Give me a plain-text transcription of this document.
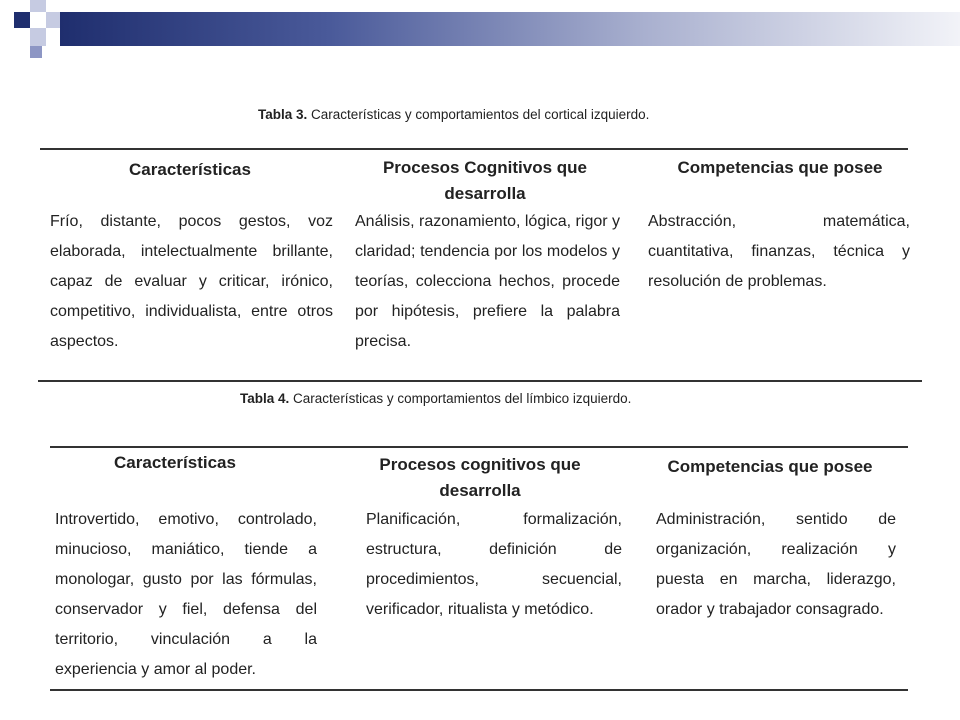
Tabla 3. Características y comportamientos del cortical izquierdo.
Características	Procesos Cognitivos que desarrolla
Competencias que posee
Frío, distante, pocos gestos, voz elaborada, intelectualmente brillante, capaz de evaluar y criticar, irónico, competitivo, individualista, entre otros aspectos.
Análisis, razonamiento, lógica, rigor y claridad; tendencia por los modelos y teorías, colecciona hechos, procede por hipótesis, prefiere la palabra precisa.
Abstracción, matemática, cuantitativa, finanzas, técnica y resolución de problemas.
Tabla 4. Características y comportamientos del límbico izquierdo.
Características	Procesos cognitivos que desarrolla
Competencias que posee
Introvertido, emotivo, controlado, minucioso, maniático, tiende a monologar, gusto por las fórmulas, conservador y fiel, defensa del territorio, vinculación a la experiencia y amor al poder.
Planificación, formalización, estructura, definición de procedimientos, secuencial, verificador, ritualista y metódico.
Administración, sentido de organización, realización y puesta en marcha, liderazgo, orador y trabajador consagrado.
